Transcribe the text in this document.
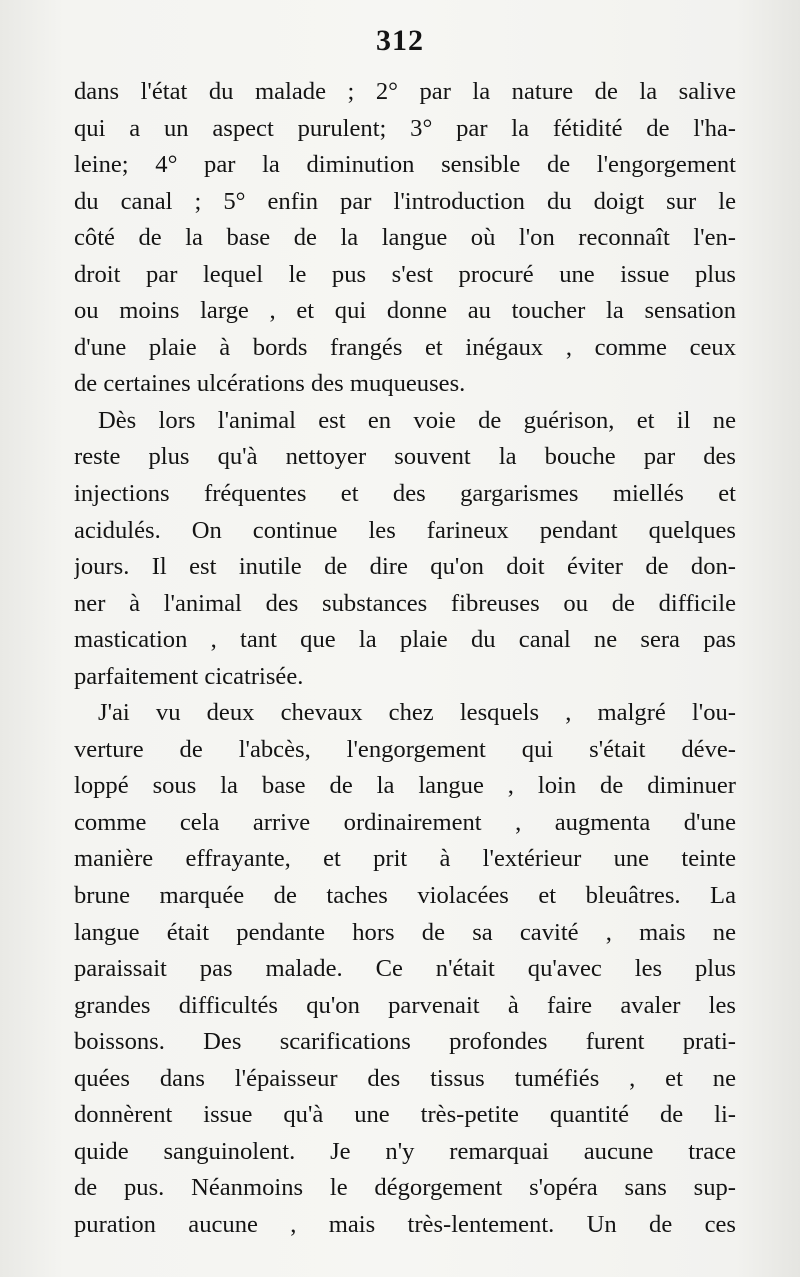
312
dans l'état du malade ; 2° par la nature de la salive
qui a un aspect purulent; 3° par la fétidité de l'ha-
leine; 4° par la diminution sensible de l'engorgement
du canal ; 5° enfin par l'introduction du doigt sur le
côté de la base de la langue où l'on reconnaît l'en-
droit par lequel le pus s'est procuré une issue plus
ou moins large , et qui donne au toucher la sensation
d'une plaie à bords frangés et inégaux , comme ceux
de certaines ulcérations des muqueuses.
Dès lors l'animal est en voie de guérison, et il ne
reste plus qu'à nettoyer souvent la bouche par des
injections fréquentes et des gargarismes miellés et
acidulés. On continue les farineux pendant quelques
jours. Il est inutile de dire qu'on doit éviter de don-
ner à l'animal des substances fibreuses ou de difficile
mastication , tant que la plaie du canal ne sera pas
parfaitement cicatrisée.
J'ai vu deux chevaux chez lesquels , malgré l'ou-
verture de l'abcès, l'engorgement qui s'était déve-
loppé sous la base de la langue , loin de diminuer
comme cela arrive ordinairement , augmenta d'une
manière effrayante, et prit à l'extérieur une teinte
brune marquée de taches violacées et bleuâtres. La
langue était pendante hors de sa cavité , mais ne
paraissait pas malade. Ce n'était qu'avec les plus
grandes difficultés qu'on parvenait à faire avaler les
boissons. Des scarifications profondes furent prati-
quées dans l'épaisseur des tissus tuméfiés , et ne
donnèrent issue qu'à une très-petite quantité de li-
quide sanguinolent. Je n'y remarquai aucune trace
de pus. Néanmoins le dégorgement s'opéra sans sup-
puration aucune , mais très-lentement. Un de ces
